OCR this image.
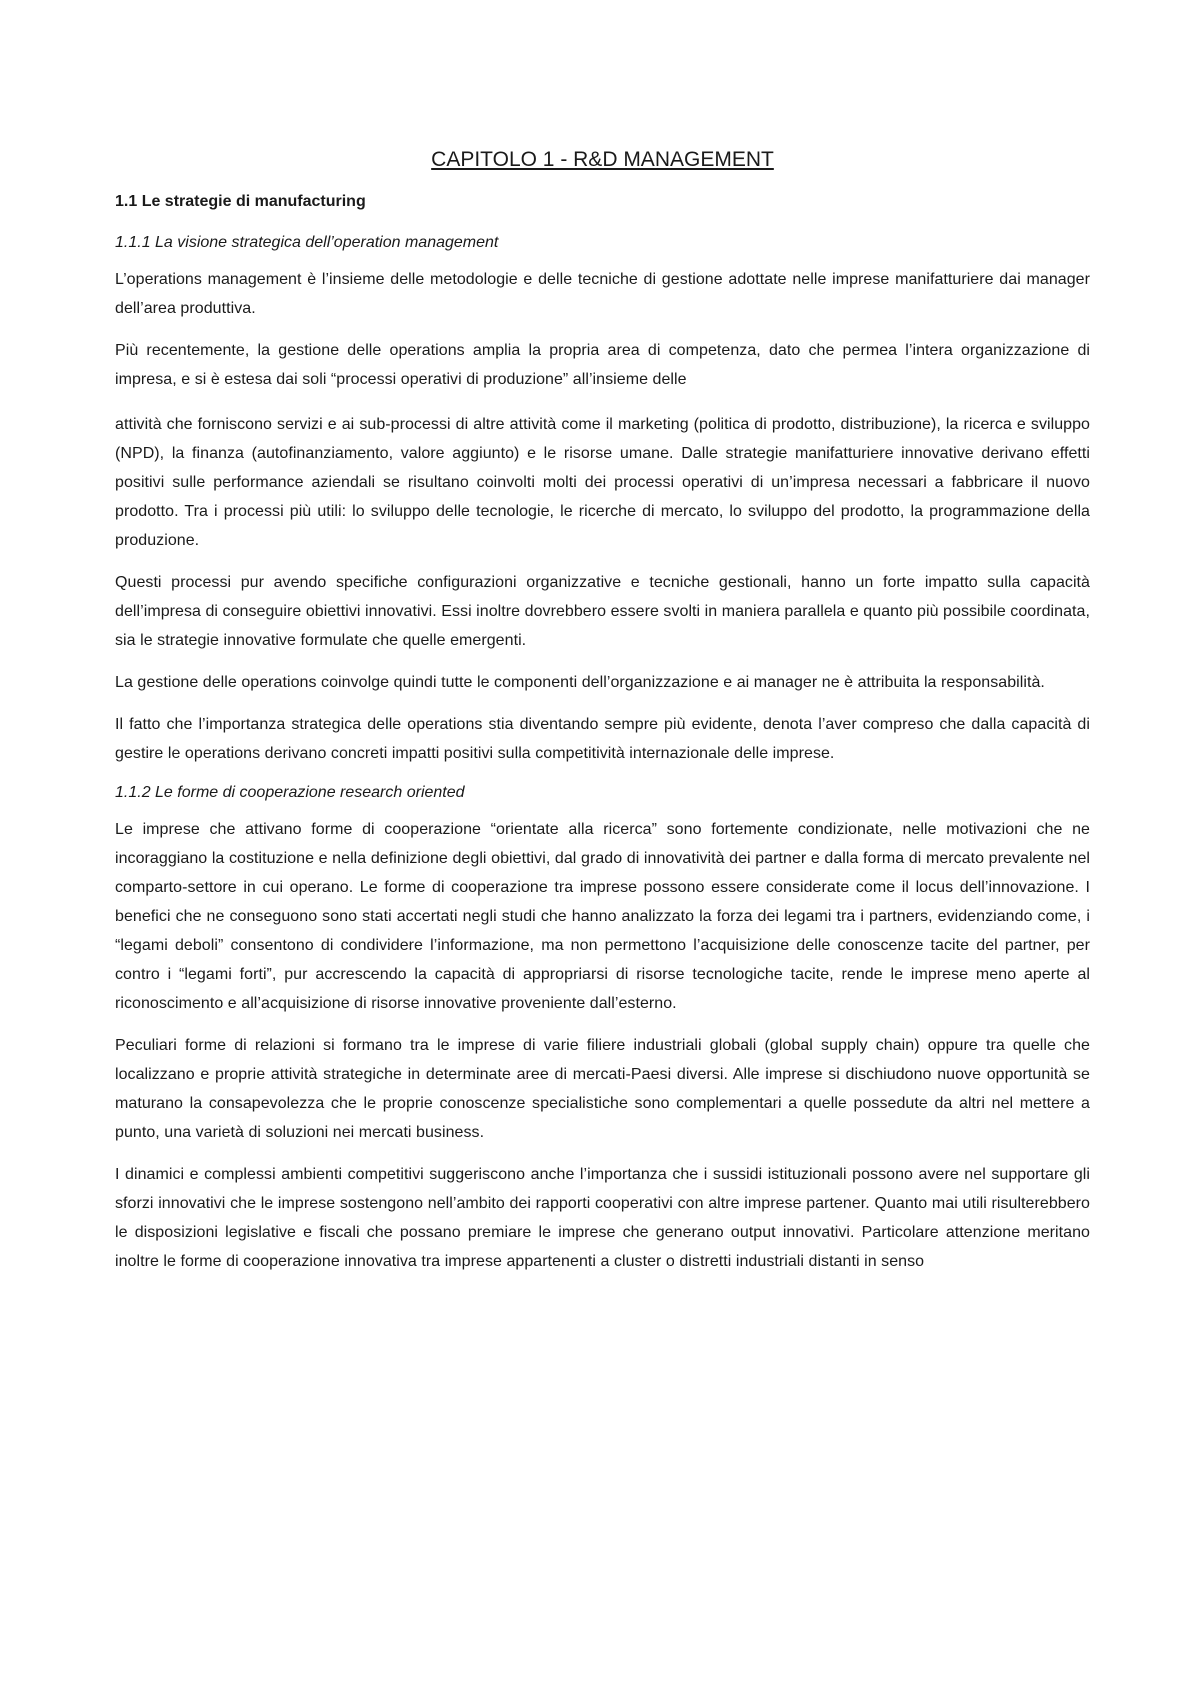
CAPITOLO 1 - R&D MANAGEMENT
1.1 Le strategie di manufacturing
1.1.1 La visione strategica dell’operation management

L’operations management è l’insieme delle metodologie e delle tecniche di gestione adottate nelle imprese manifatturiere dai manager dell’area produttiva.

Più recentemente, la gestione delle operations amplia la propria area di competenza, dato che permea l’intera organizzazione di impresa, e si è estesa dai soli “processi operativi di produzione” all’insieme delle

attività che forniscono servizi e ai sub-processi di altre attività come il marketing (politica di prodotto, distribuzione), la ricerca e sviluppo (NPD), la finanza (autofinanziamento, valore aggiunto) e le risorse umane. Dalle strategie manifatturiere innovative derivano effetti positivi sulle performance aziendali se risultano coinvolti molti dei processi operativi di un’impresa necessari a fabbricare il nuovo prodotto. Tra i processi più utili: lo sviluppo delle tecnologie, le ricerche di mercato, lo sviluppo del prodotto, la programmazione della produzione.

Questi processi pur avendo specifiche configurazioni organizzative e tecniche gestionali, hanno un forte impatto sulla capacità dell’impresa di conseguire obiettivi innovativi. Essi inoltre dovrebbero essere svolti in maniera parallela e quanto più possibile coordinata, sia le strategie innovative formulate che quelle emergenti.

La gestione delle operations coinvolge quindi tutte le componenti dell’organizzazione e ai manager ne è attribuita la responsabilità.

Il fatto che l’importanza strategica delle operations stia diventando sempre più evidente, denota l’aver compreso che dalla capacità di gestire le operations derivano concreti impatti positivi sulla competitività internazionale delle imprese.

1.1.2 Le forme di cooperazione research oriented

Le imprese che attivano forme di cooperazione “orientate alla ricerca” sono fortemente condizionate, nelle motivazioni che ne incoraggiano la costituzione e nella definizione degli obiettivi, dal grado di innovatività dei partner e dalla forma di mercato prevalente nel comparto-settore in cui operano. Le forme di cooperazione tra imprese possono essere considerate come il locus dell’innovazione. I benefici che ne conseguono sono stati accertati negli studi che hanno analizzato la forza dei legami tra i partners, evidenziando come, i “legami deboli” consentono di condividere l’informazione, ma non permettono l’acquisizione delle conoscenze tacite del partner, per contro i “legami forti”, pur accrescendo la capacità di appropriarsi di risorse tecnologiche tacite, rende le imprese meno aperte al riconoscimento e all’acquisizione di risorse innovative proveniente dall’esterno.

Peculiari forme di relazioni si formano tra le imprese di varie filiere industriali globali (global supply chain) oppure tra quelle che localizzano e proprie attività strategiche in determinate aree di mercati-Paesi diversi. Alle imprese si dischiudono nuove opportunità se maturano la consapevolezza che le proprie conoscenze specialistiche sono complementari a quelle possedute da altri nel mettere a punto, una varietà di soluzioni nei mercati business.

I dinamici e complessi ambienti competitivi suggeriscono anche l’importanza che i sussidi istituzionali possono avere nel supportare gli sforzi innovativi che le imprese sostengono nell’ambito dei rapporti cooperativi con altre imprese partener. Quanto mai utili risulterebbero le disposizioni legislative e fiscali che possano premiare le imprese che generano output innovativi. Particolare attenzione meritano inoltre le forme di cooperazione innovativa tra imprese appartenenti a cluster o distretti industriali distanti in senso
